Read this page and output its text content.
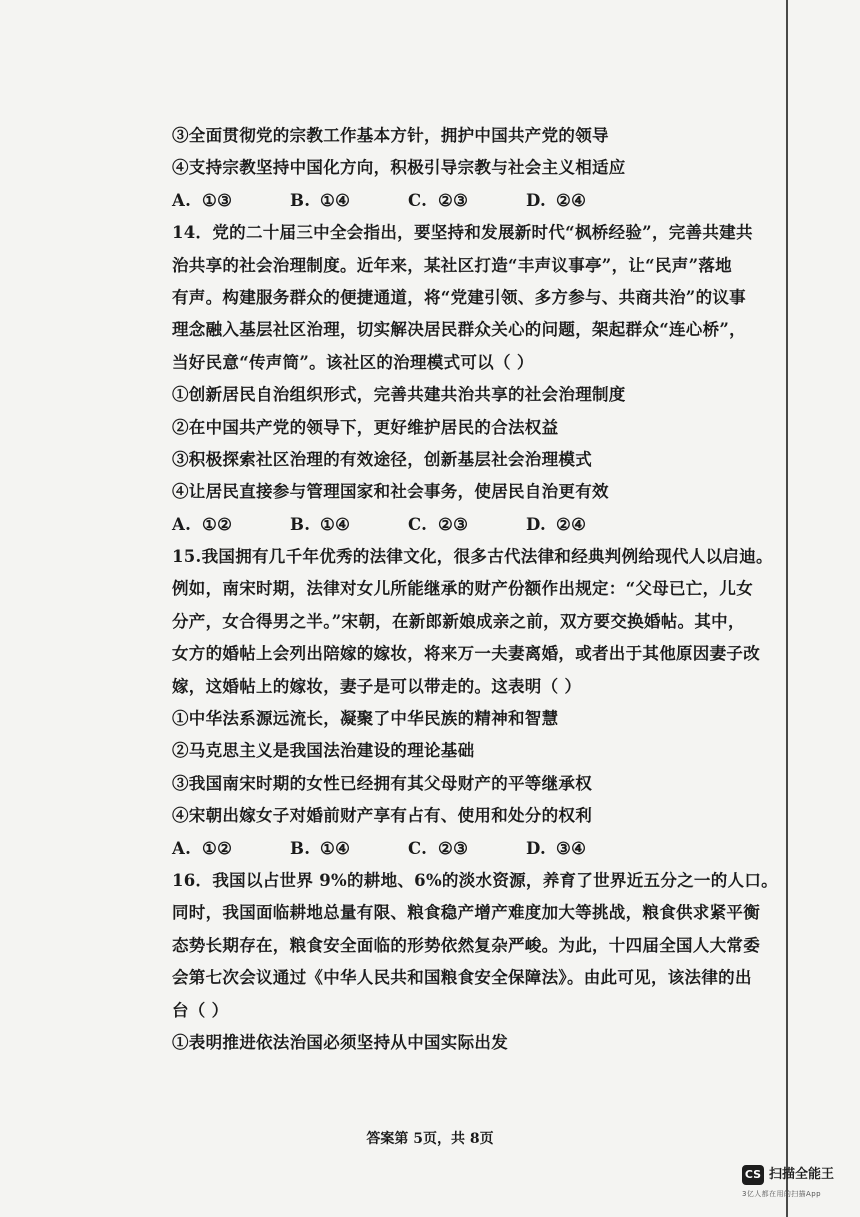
③全面贯彻党的宗教工作基本方针，拥护中国共产党的领导
④支持宗教坚持中国化方向，积极引导宗教与社会主义相适应
A. ①③	B. ①④	C. ②③	D. ②④
14．党的二十届三中全会指出，要坚持和发展新时代“枫桥经验”，完善共建共
治共享的社会治理制度。近年来，某社区打造“丰声议事亭”，让“民声”落地
有声。构建服务群众的便捷通道，将“党建引领、多方参与、共商共治”的议事
理念融入基层社区治理，切实解决居民群众关心的问题，架起群众“连心桥”，
当好民意“传声筒”。该社区的治理模式可以（ ）
①创新居民自治组织形式，完善共建共治共享的社会治理制度
②在中国共产党的领导下，更好维护居民的合法权益
③积极探索社区治理的有效途径，创新基层社会治理模式
④让居民直接参与管理国家和社会事务，使居民自治更有效
A. ①②	B. ①④	C. ②③	D. ②④
15.我国拥有几千年优秀的法律文化，很多古代法律和经典判例给现代人以启迪。
例如，南宋时期，法律对女儿所能继承的财产份额作出规定：“父母已亡，儿女
分产，女合得男之半。”宋朝，在新郎新娘成亲之前，双方要交换婚帖。其中，
女方的婚帖上会列出陪嫁的嫁妆，将来万一夫妻离婚，或者出于其他原因妻子改
嫁，这婚帖上的嫁妆，妻子是可以带走的。这表明（ ）
①中华法系源远流长，凝聚了中华民族的精神和智慧
②马克思主义是我国法治建设的理论基础
③我国南宋时期的女性已经拥有其父母财产的平等继承权
④宋朝出嫁女子对婚前财产享有占有、使用和处分的权利
A. ①②	B. ①④	C. ②③	D. ③④
16．我国以占世界 9%的耕地、6%的淡水资源，养育了世界近五分之一的人口。
同时，我国面临耕地总量有限、粮食稳产增产难度加大等挑战，粮食供求紧平衡
态势长期存在，粮食安全面临的形势依然复杂严峻。为此，十四届全国人大常委
会第七次会议通过《中华人民共和国粮食安全保障法》。由此可见，该法律的出
台（ ）
①表明推进依法治国必须坚持从中国实际出发
答案第 5页，共 8页
CS 扫描全能王
3亿人都在用的扫描App
